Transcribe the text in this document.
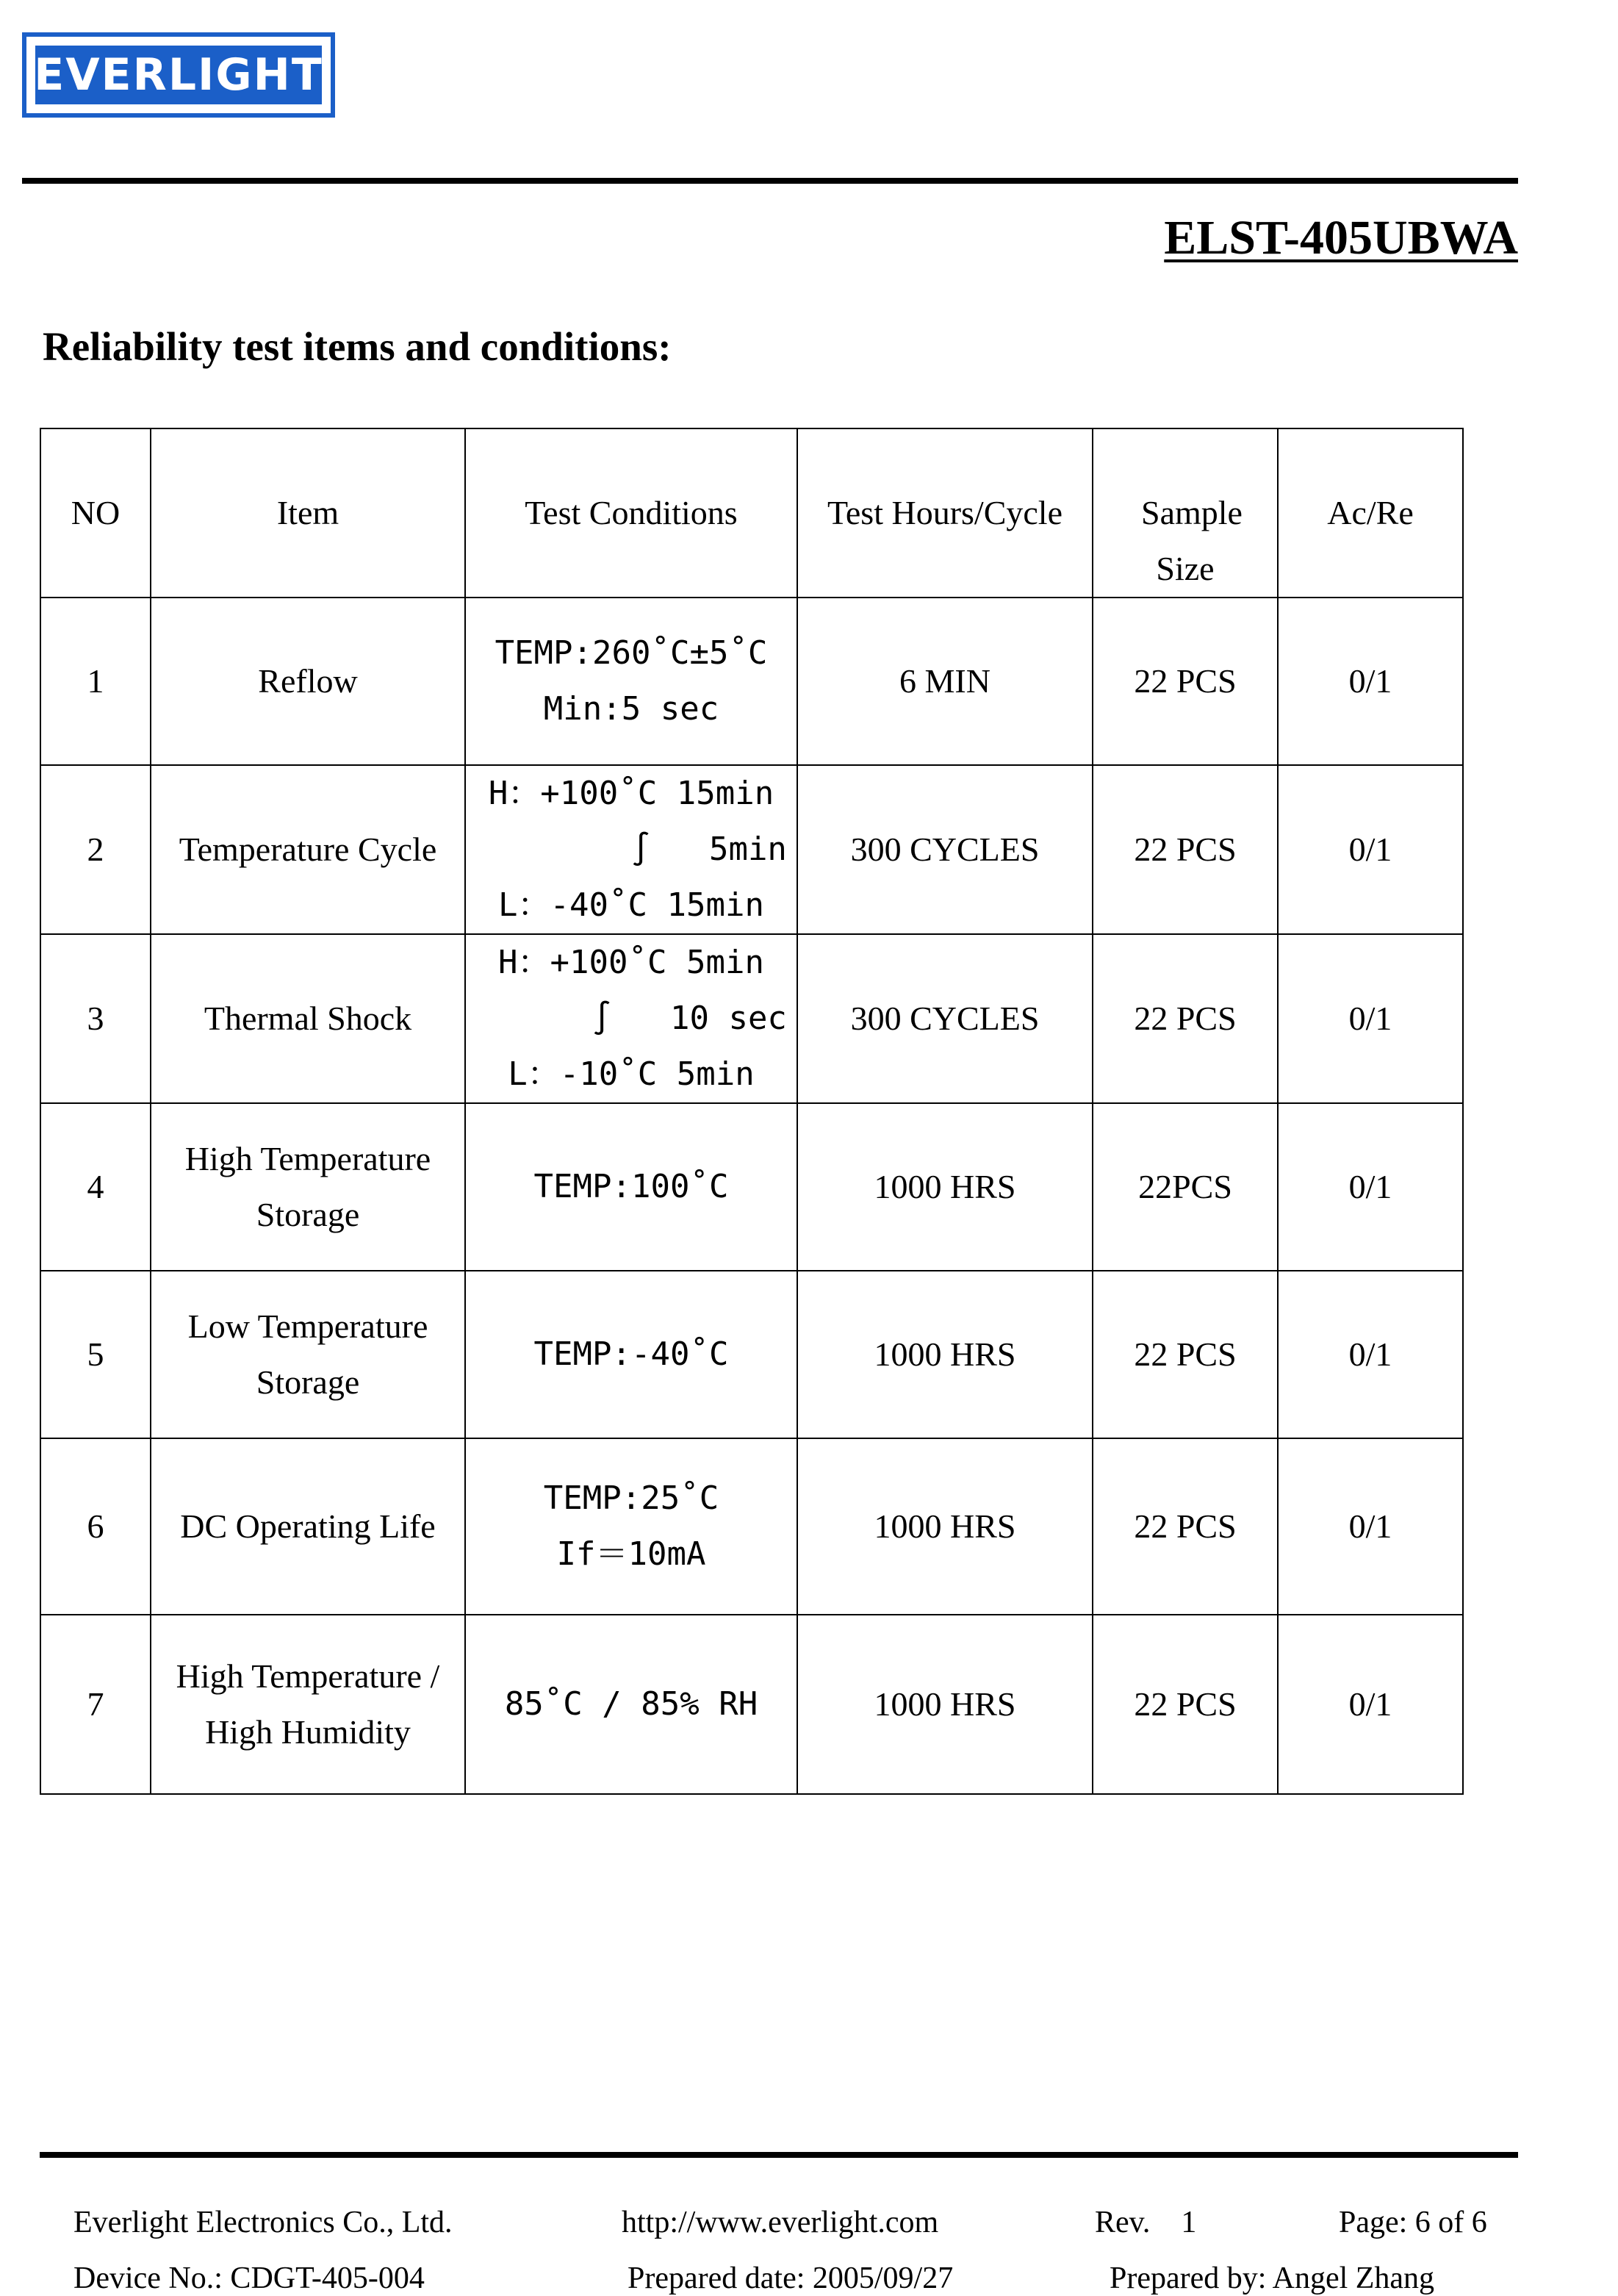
EVERLIGHT
ELST-405UBWA
Reliability test items and conditions:
NO	Item	Test Conditions	Test Hours/Cycle	Sample Size	Ac/Re
1	Reflow	TEMP:260˚C±5˚C
Min:5 sec	6 MIN	22 PCS	0/1
2	Temperature Cycle	H：+100˚C 15min
∫   5min
L：-40˚C 15min	300 CYCLES	22 PCS	0/1
3	Thermal Shock	H：+100˚C 5min
∫   10 sec
L：-10˚C 5min	300 CYCLES	22 PCS	0/1
4	High Temperature Storage	TEMP:100˚C	1000 HRS	22PCS	0/1
5	Low Temperature Storage	TEMP:-40˚C	1000 HRS	22 PCS	0/1
6	DC Operating Life	TEMP:25˚C
If＝10mA	1000 HRS	22 PCS	0/1
7	High Temperature / High Humidity	85˚C / 85% RH	1000 HRS	22 PCS	0/1
Everlight Electronics Co., Ltd.	http://www.everlight.com	Rev.    1	Page: 6 of 6
Device No.: CDGT-405-004	Prepared date: 2005/09/27	Prepared by: Angel Zhang
